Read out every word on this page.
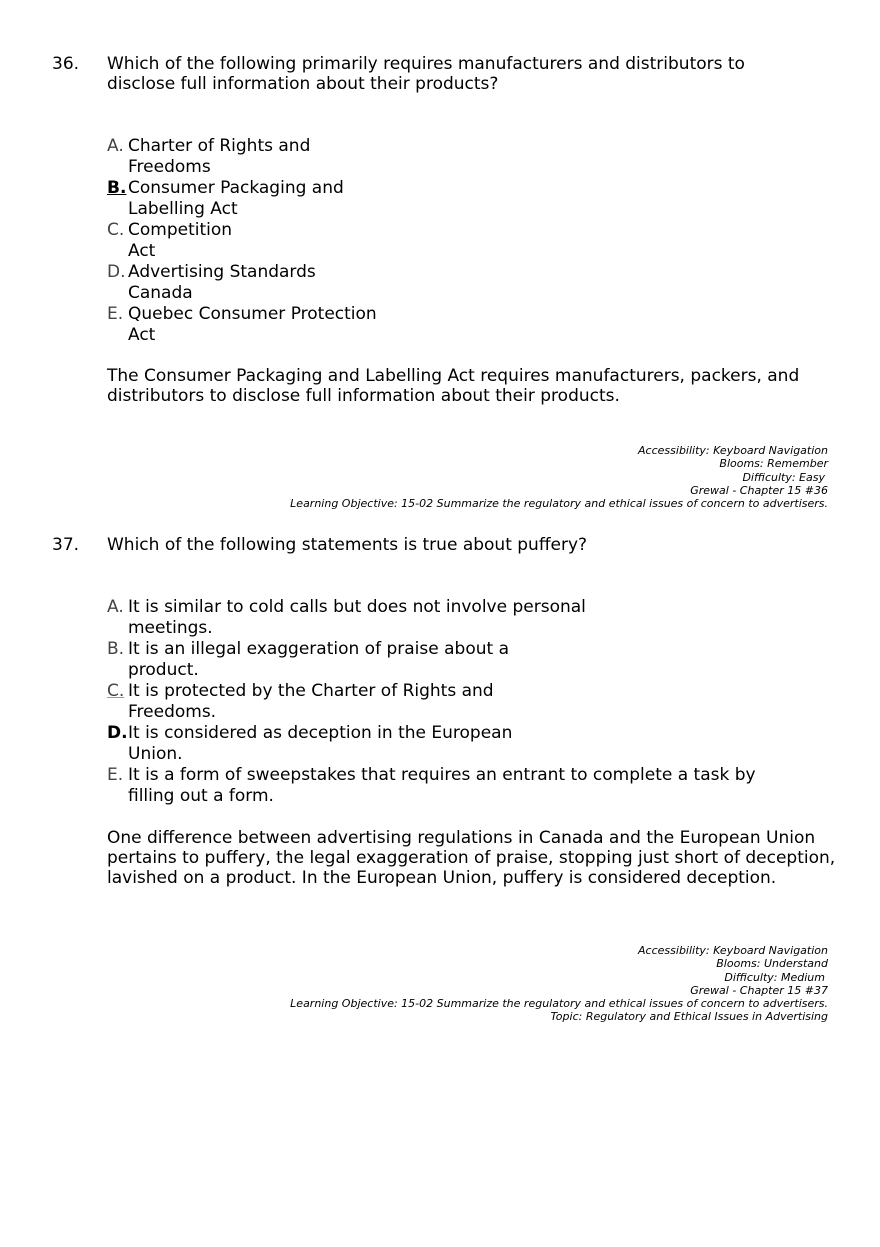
36. Which of the following primarily requires manufacturers and distributors to disclose full information about their products?
A. Charter of Rights and
Freedoms
B. Consumer Packaging and
Labelling Act
C. Competition
Act
D. Advertising Standards
Canada
E. Quebec Consumer Protection
Act
The Consumer Packaging and Labelling Act requires manufacturers, packers, and distributors to disclose full information about their products.
Accessibility: Keyboard Navigation
Blooms: Remember
Difficulty: Easy
Grewal - Chapter 15 #36
Learning Objective: 15-02 Summarize the regulatory and ethical issues of concern to advertisers.
37. Which of the following statements is true about puffery?
A. It is similar to cold calls but does not involve personal
meetings.
B. It is an illegal exaggeration of praise about a
product.
C. It is protected by the Charter of Rights and
Freedoms.
D. It is considered as deception in the European
Union.
E. It is a form of sweepstakes that requires an entrant to complete a task by
filling out a form.
One difference between advertising regulations in Canada and the European Union pertains to puffery, the legal exaggeration of praise, stopping just short of deception, lavished on a product. In the European Union, puffery is considered deception.
Accessibility: Keyboard Navigation
Blooms: Understand
Difficulty: Medium
Grewal - Chapter 15 #37
Learning Objective: 15-02 Summarize the regulatory and ethical issues of concern to advertisers.
Topic: Regulatory and Ethical Issues in Advertising
